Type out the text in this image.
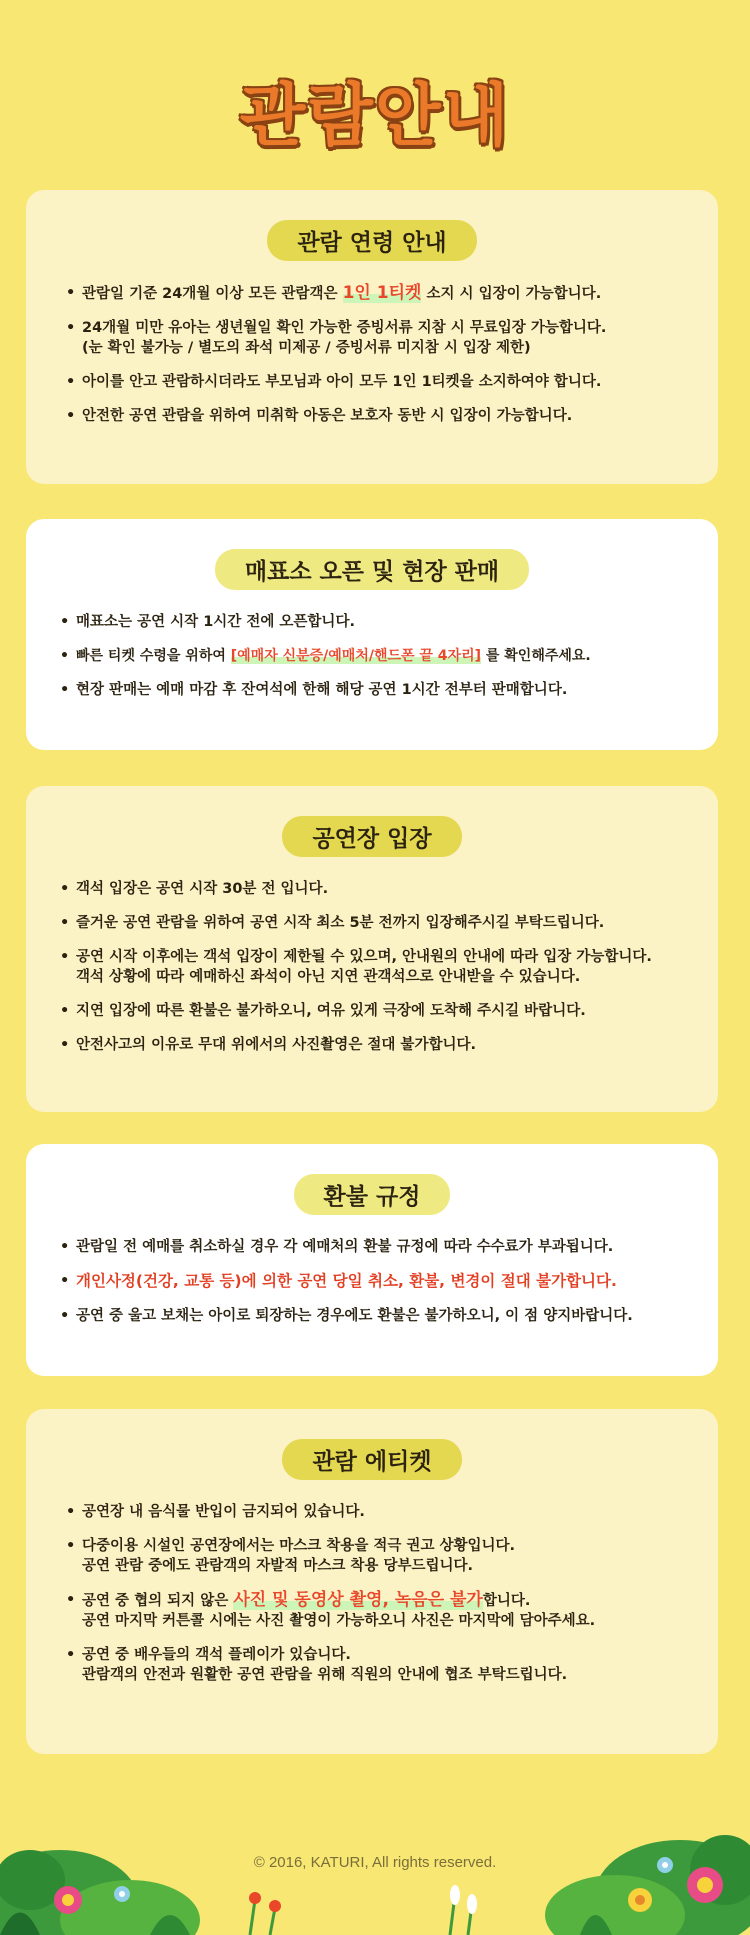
관람안내
관람 연령 안내
• 관람일 기준 24개월 이상 모든 관람객은 1인 1티켓 소지 시 입장이 가능합니다.
• 24개월 미만 유아는 생년월일 확인 가능한 증빙서류 지참 시 무료입장 가능합니다.
(눈 확인 불가능 / 별도의 좌석 미제공 / 증빙서류 미지참 시 입장 제한)
• 아이를 안고 관람하시더라도 부모님과 아이 모두 1인 1티켓을 소지하여야 합니다.
• 안전한 공연 관람을 위하여 미취학 아동은 보호자 동반 시 입장이 가능합니다.
매표소 오픈 및 현장 판매
• 매표소는 공연 시작 1시간 전에 오픈합니다.
• 빠른 티켓 수령을 위하여 [예매자 신분증/예매처/핸드폰 끝 4자리] 를 확인해주세요.
• 현장 판매는 예매 마감 후 잔여석에 한해 해당 공연 1시간 전부터 판매합니다.
공연장 입장
• 객석 입장은 공연 시작 30분 전 입니다.
• 즐거운 공연 관람을 위하여 공연 시작 최소 5분 전까지 입장해주시길 부탁드립니다.
• 공연 시작 이후에는 객석 입장이 제한될 수 있으며, 안내원의 안내에 따라 입장 가능합니다.
객석 상황에 따라 예매하신 좌석이 아닌 지연 관객석으로 안내받을 수 있습니다.
• 지연 입장에 따른 환불은 불가하오니, 여유 있게 극장에 도착해 주시길 바랍니다.
• 안전사고의 이유로 무대 위에서의 사진촬영은 절대 불가합니다.
환불 규정
• 관람일 전 예매를 취소하실 경우 각 예매처의 환불 규정에 따라 수수료가 부과됩니다.
• 개인사정(건강, 교통 등)에 의한 공연 당일 취소, 환불, 변경이 절대 불가합니다.
• 공연 중 울고 보채는 아이로 퇴장하는 경우에도 환불은 불가하오니, 이 점 양지바랍니다.
관람 에티켓
• 공연장 내 음식물 반입이 금지되어 있습니다.
• 다중이용 시설인 공연장에서는 마스크 착용을 적극 권고 상황입니다.
공연 관람 중에도 관람객의 자발적 마스크 착용 당부드립니다.
• 공연 중 협의 되지 않은 사진 및 동영상 촬영, 녹음은 불가합니다.
공연 마지막 커튼콜 시에는 사진 촬영이 가능하오니 사진은 마지막에 담아주세요.
• 공연 중 배우들의 객석 플레이가 있습니다.
관람객의 안전과 원활한 공연 관람을 위해 직원의 안내에 협조 부탁드립니다.
© 2016, KATURI, All rights reserved.
